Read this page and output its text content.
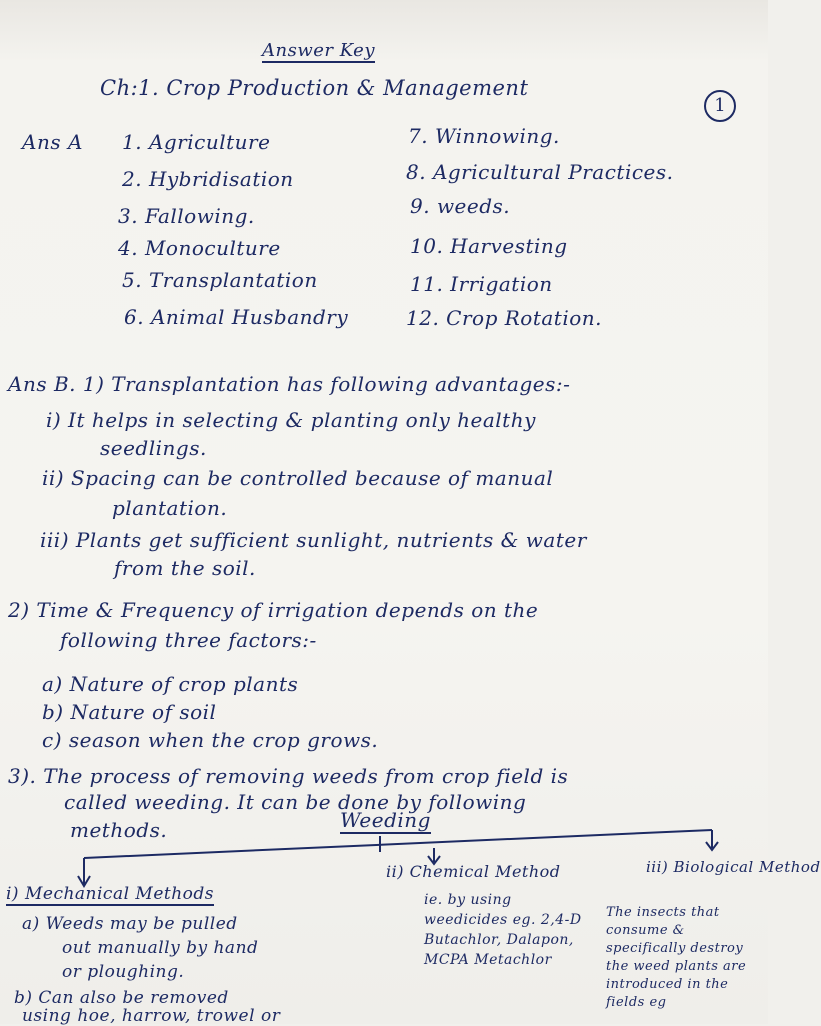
Answer Key
Ch:1. Crop Production & Management
1
Ans A 1. Agriculture
2. Hybridisation
3. Fallowing.
4. Monoculture
5. Transplantation
6. Animal Husbandry
7. Winnowing.
8. Agricultural Practices.
9. weeds.
10. Harvesting
11. Irrigation
12. Crop Rotation.
Ans B. 1) Transplantation has following advantages:-
i) It helps in selecting & planting only healthy
seedlings.
ii) Spacing can be controlled because of manual
plantation.
iii) Plants get sufficient sunlight, nutrients & water
from the soil.
2) Time & Frequency of irrigation depends on the
following three factors:-
a) Nature of crop plants
b) Nature of soil
c) season when the crop grows.
3). The process of removing weeds from crop field is
called weeding. It can be done by following
methods.	Weeding
i) Mechanical Methods
ii) Chemical Method	iii) Biological Method
ie. by using weedicides eg. 2,4-D Butachlor, Dalapon, MCPA Metachlor
The insects that consume & specifically destroy the weed plants are introduced in the fields eg
a) Weeds may be pulled
out manually by hand
or ploughing.
b) Can also be removed
using hoe, harrow, trowel or
